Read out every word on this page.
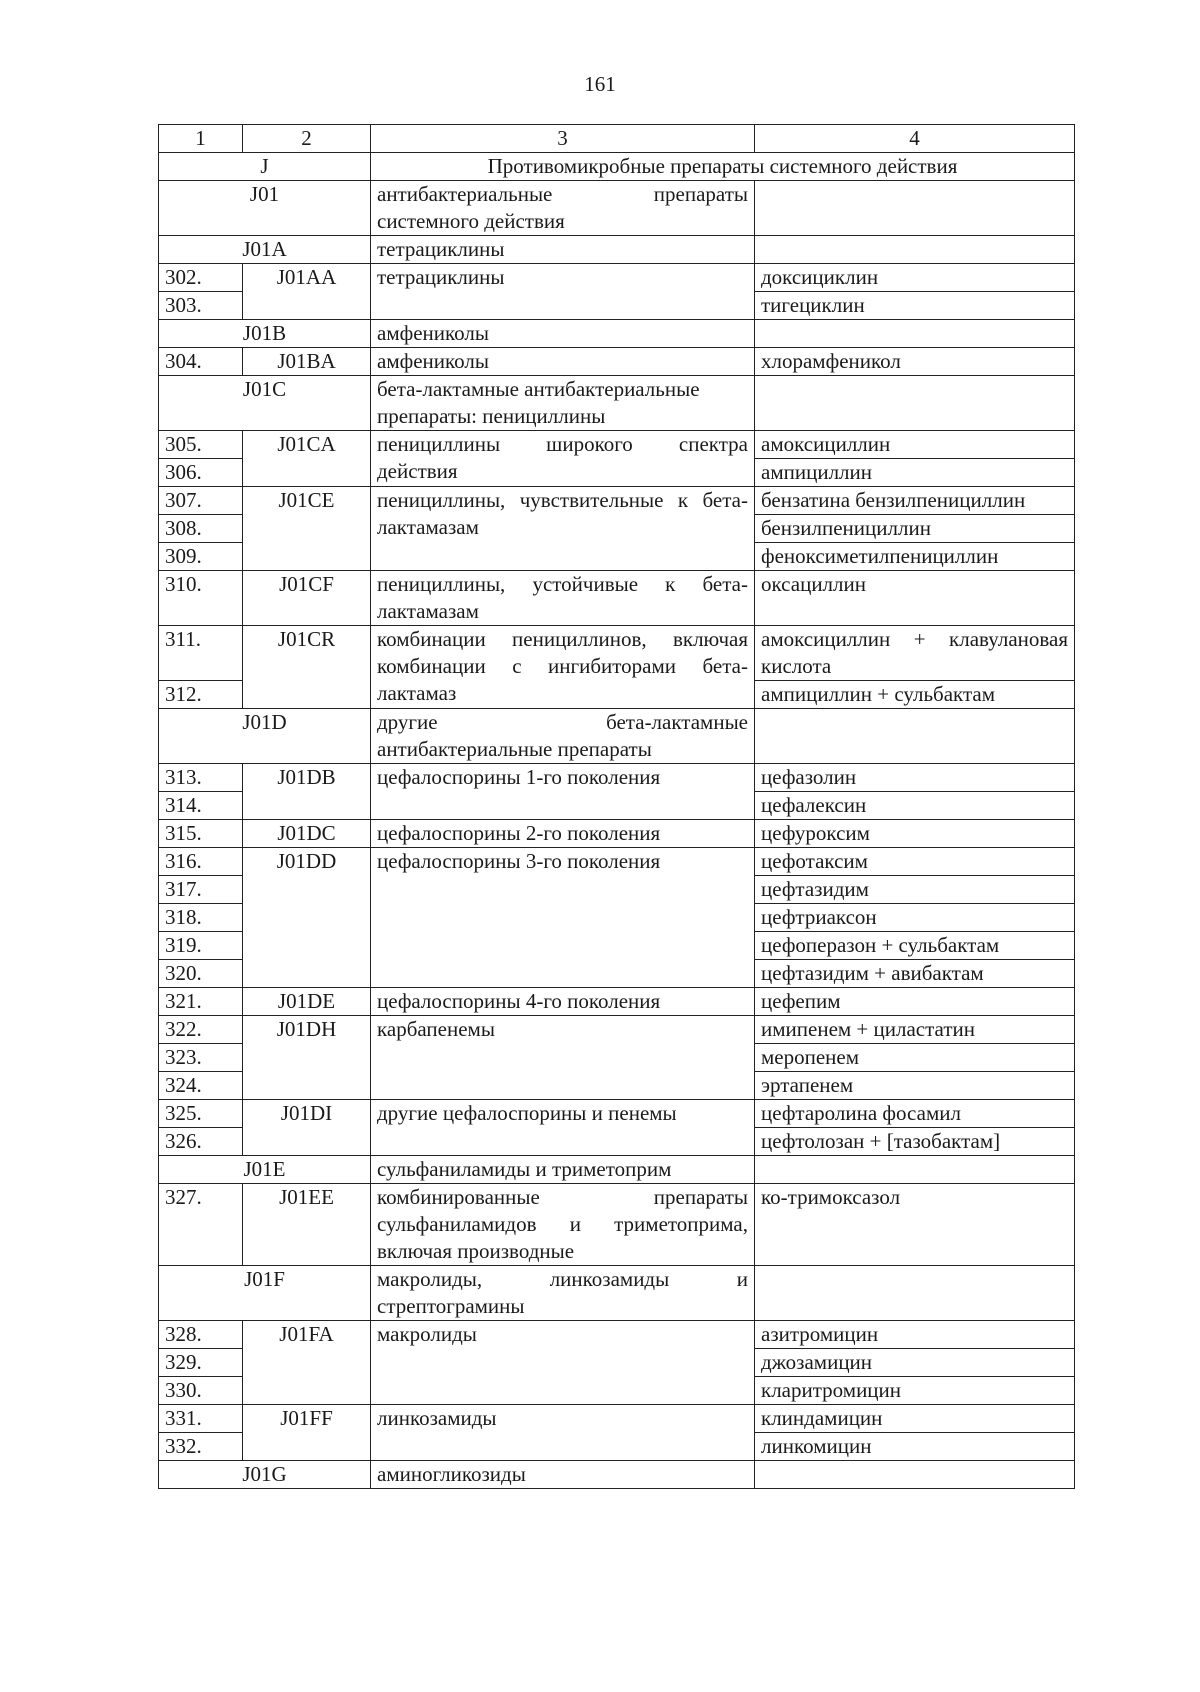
161
1	2	3	4
J		Противомикробные препараты системного действия	
J01		антибактериальные препараты системного действия	
J01A		тетрациклины	
302.	J01AA	тетрациклины	доксициклин
303.			тигециклин
J01B		амфениколы	
304.	J01BA	амфениколы	хлорамфеникол
J01C		бета-лактамные антибактериальные препараты: пенициллины	
305.	J01CA	пенициллины широкого спектра действия	амоксициллин
306.			ампициллин
307.	J01CE	пенициллины, чувствительные к бета-лактамазам	бензатина бензилпенициллин
308.			бензилпенициллин
309.			феноксиметилпенициллин
310.	J01CF	пенициллины, устойчивые к бета-лактамазам	оксациллин
311.	J01CR	комбинации пенициллинов, включая комбинации с ингибиторами бета-лактамаз	амоксициллин + клавулановая кислота
312.			ампициллин + сульбактам
J01D		другие бета-лактамные антибактериальные препараты	
313.	J01DB	цефалоспорины 1-го поколения	цефазолин
314.			цефалексин
315.	J01DC	цефалоспорины 2-го поколения	цефуроксим
316.	J01DD	цефалоспорины 3-го поколения	цефотаксим
317.			цефтазидим
318.			цефтриаксон
319.			цефоперазон + сульбактам
320.			цефтазидим + авибактам
321.	J01DE	цефалоспорины 4-го поколения	цефепим
322.	J01DH	карбапенемы	имипенем + циластатин
323.			меропенем
324.			эртапенем
325.	J01DI	другие цефалоспорины и пенемы	цефтаролина фосамил
326.			цефтолозан + [тазобактам]
J01E		сульфаниламиды и триметоприм	
327.	J01EE	комбинированные препараты сульфаниламидов и триметоприма, включая производные	ко-тримоксазол
J01F		макролиды, линкозамиды и стрептограмины	
328.	J01FA	макролиды	азитромицин
329.			джозамицин
330.			кларитромицин
331.	J01FF	линкозамиды	клиндамицин
332.			линкомицин
J01G		аминогликозиды	
